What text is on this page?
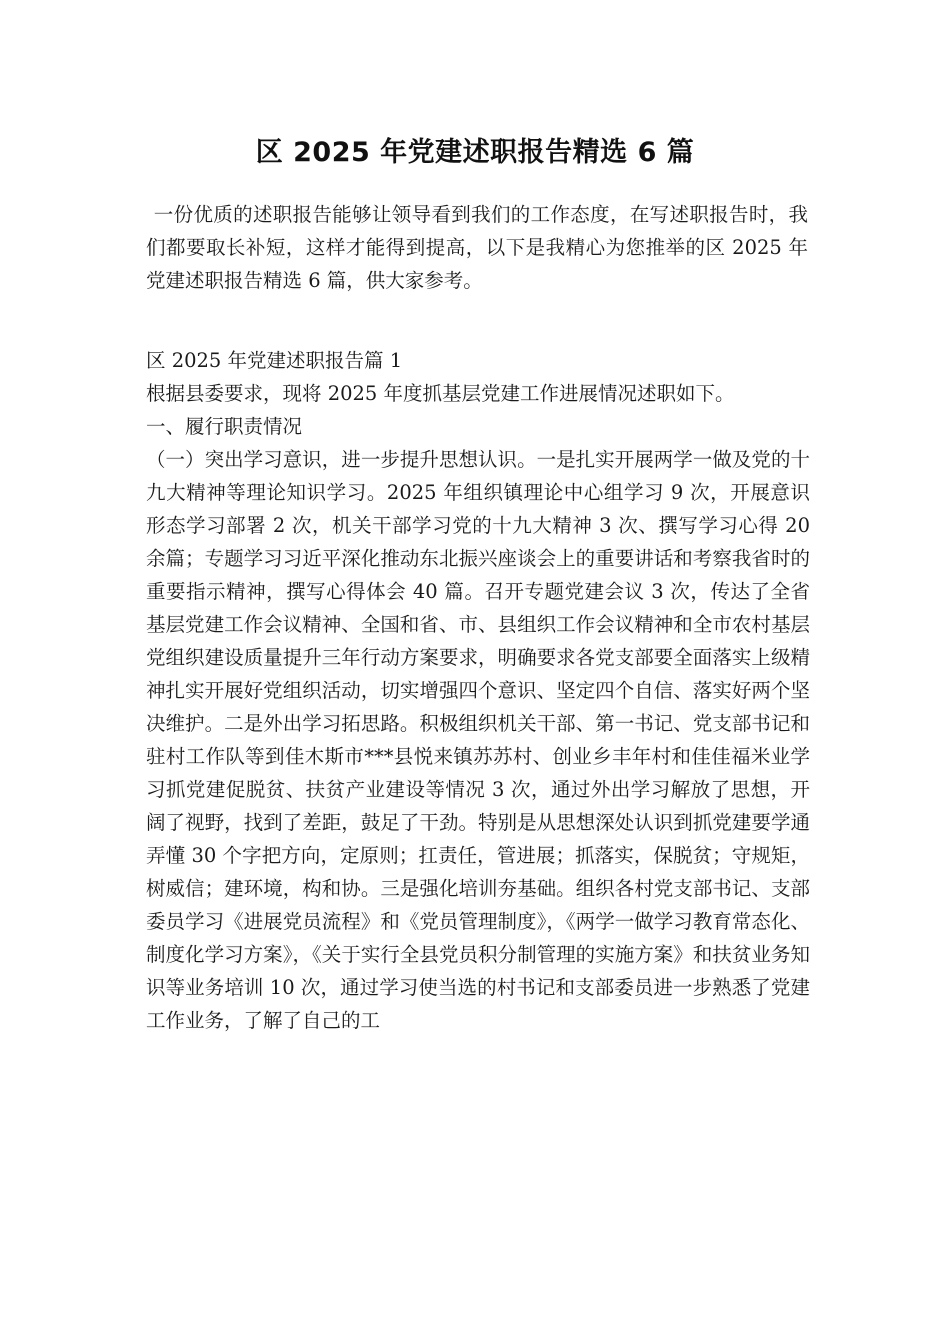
区 2025 年党建述职报告精选 6 篇
一份优质的述职报告能够让领导看到我们的工作态度，在写述职报告时，我们都要取长补短，这样才能得到提高，以下是我精心为您推举的区 2025 年党建述职报告精选 6 篇，供大家参考。

区 2025 年党建述职报告篇 1

根据县委要求，现将 2025 年度抓基层党建工作进展情况述职如下。

一、履行职责情况

（一）突出学习意识，进一步提升思想认识。一是扎实开展两学一做及党的十九大精神等理论知识学习。2025 年组织镇理论中心组学习 9 次，开展意识形态学习部署 2 次，机关干部学习党的十九大精神 3 次、撰写学习心得 20 余篇；专题学习习近平深化推动东北振兴座谈会上的重要讲话和考察我省时的重要指示精神，撰写心得体会 40 篇。召开专题党建会议 3 次，传达了全省基层党建工作会议精神、全国和省、市、县组织工作会议精神和全市农村基层党组织建设质量提升三年行动方案要求，明确要求各党支部要全面落实上级精神扎实开展好党组织活动，切实增强四个意识、坚定四个自信、落实好两个坚决维护。二是外出学习拓思路。积极组织机关干部、第一书记、党支部书记和驻村工作队等到佳木斯市***县悦来镇苏苏村、创业乡丰年村和佳佳福米业学习抓党建促脱贫、扶贫产业建设等情况 3 次，通过外出学习解放了思想，开阔了视野，找到了差距，鼓足了干劲。特别是从思想深处认识到抓党建要学通弄懂 30 个字把方向，定原则；扛责任，管进展；抓落实，保脱贫；守规矩，树威信；建环境，构和协。三是强化培训夯基础。组织各村党支部书记、支部委员学习《进展党员流程》和《党员管理制度》，《两学一做学习教育常态化、制度化学习方案》，《关于实行全县党员积分制管理的实施方案》和扶贫业务知识等业务培训 10 次，通过学习使当选的村书记和支部委员进一步熟悉了党建工作业务，了解了自己的工
